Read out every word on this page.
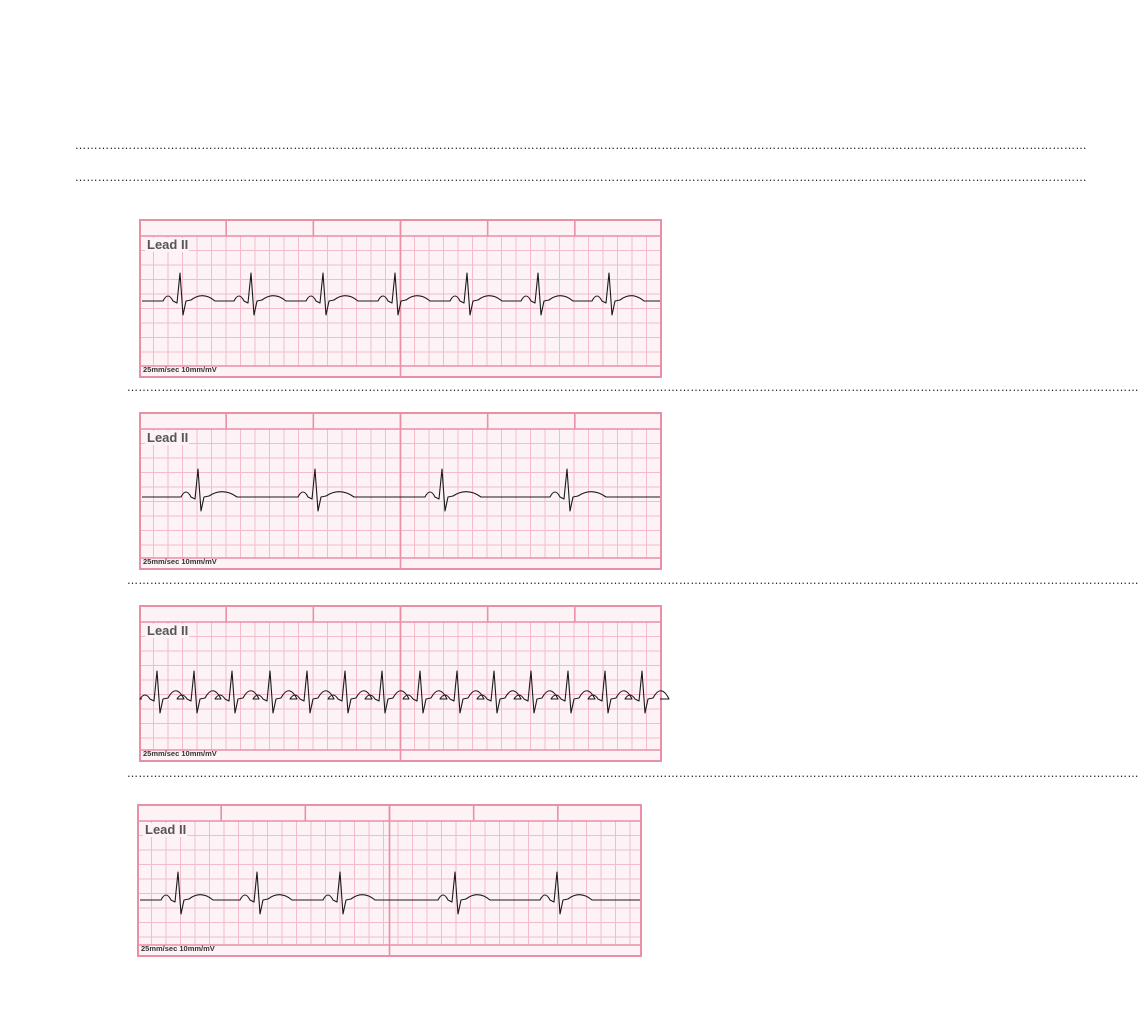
…………………………………………………………………………………………………………………………………………………………………………………………………………………………………………
…………………………………………………………………………………………………………………………………………………………………………………………………………………………………………
Lead II
25mm/sec 10mm/mV
…………………………………………………………………………………………………………………………………………………………………………………………………………………………………………
Lead II
25mm/sec 10mm/mV
…………………………………………………………………………………………………………………………………………………………………………………………………………………………………………
Lead II
25mm/sec 10mm/mV
…………………………………………………………………………………………………………………………………………………………………………………………………………………………………………
Lead II
25mm/sec 10mm/mV
